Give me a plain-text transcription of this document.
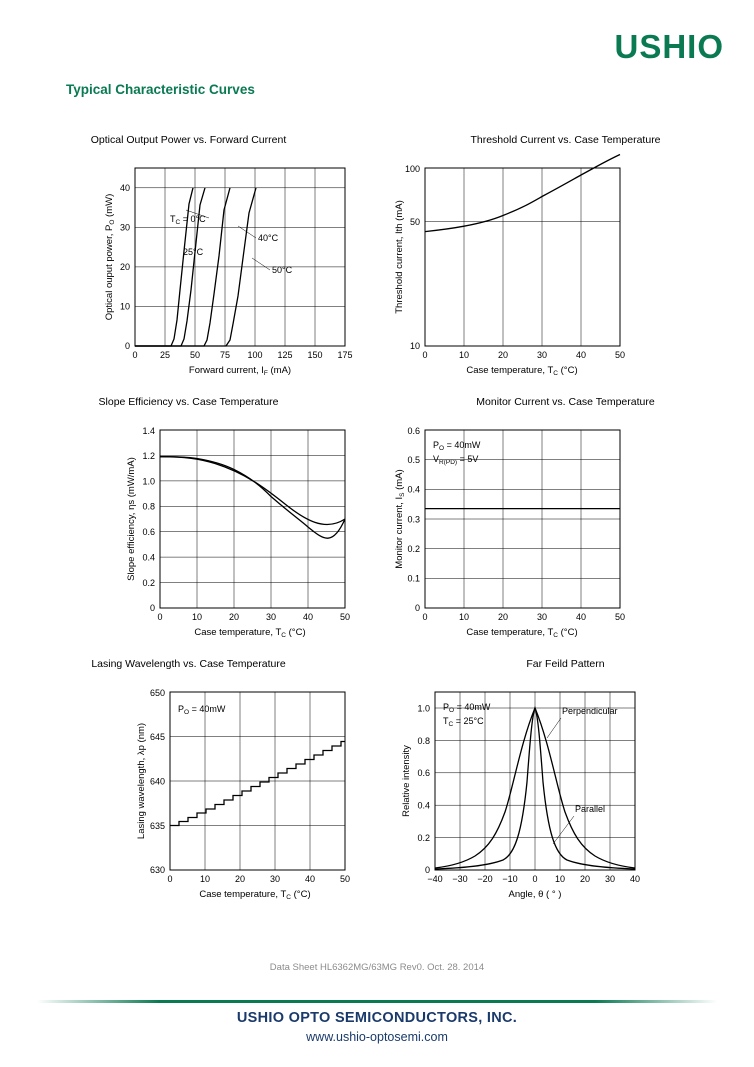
USHIO
Typical Characteristic Curves
Optical Output Power vs. Forward Current
0 25 50 75 100 125 150 175
0
10
20
30
40
Forward current, $I_F$ (mA)
Optical ouput power, $P_O$ (mW)	$T_C = 0^\circ C$
25°C
40°C
50°C
Threshold Current vs. Case Temperature
0	10	20	30	40	50
10
50
100
Case temperature, $T_C$ (°C)
Threshold current, Ith (mA)
Slope Efficiency vs. Case Temperature
0	10	20	30	40	50
0
0.2
0.4
0.6
0.8
1.0
1.2
1.4
Case temperature, $T_C$ (°C)
Slope efficiency, ηs (mW/mA)
Monitor Current vs. Case Temperature
0	10	20	30	40	50
0
0.1
0.2
0.3
0.4
0.5
0.6
$P_O = 40mW$
$V_{R(PD)} = 5V$
Case temperature, $T_C$ (°C)
Monitor current, $I_S$ (mA)
Lasing Wavelength vs. Case Temperature
0	10	20	30	40	50
630
635
640
645
650
$P_O = 40mW$
Case temperature, $T_C$ (°C)
Lasing wavelength, λp (nm)
Far Feild Pattern
−40 −30 −20 −10 0 10 20 30 40
0
0.2
0.4
0.6
0.8
1.0 $P_O = 40mW$
$T_C = 25^\circ C$
Perpendicular
Parallel
Angle, θ ( ° )
Relative intensity
Data Sheet HL6362MG/63MG Rev0. Oct. 28. 2014
USHIO OPTO SEMICONDUCTORS, INC.
www.ushio-optosemi.com
